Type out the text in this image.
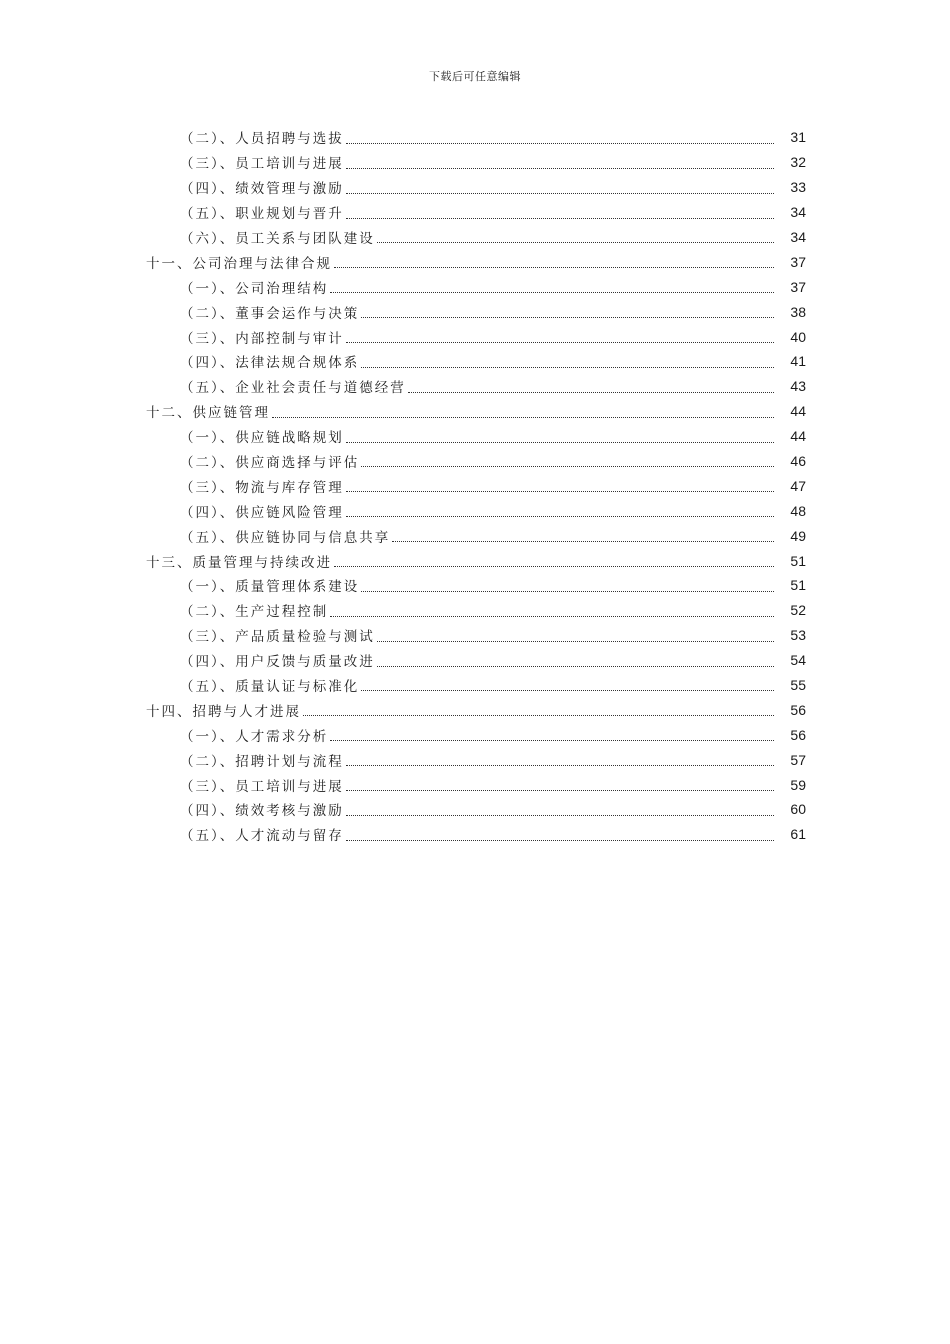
下载后可任意编辑
（二）、人员招聘与选拔	31
（三）、员工培训与进展	32
（四）、绩效管理与激励	33
（五）、职业规划与晋升	34
（六）、员工关系与团队建设	34
十一、公司治理与法律合规	37
（一）、公司治理结构	37
（二）、董事会运作与决策	38
（三）、内部控制与审计	40
（四）、法律法规合规体系	41
（五）、企业社会责任与道德经营	43
十二、供应链管理	44
（一）、供应链战略规划	44
（二）、供应商选择与评估	46
（三）、物流与库存管理	47
（四）、供应链风险管理	48
（五）、供应链协同与信息共享	49
十三、质量管理与持续改进	51
（一）、质量管理体系建设	51
（二）、生产过程控制	52
（三）、产品质量检验与测试	53
（四）、用户反馈与质量改进	54
（五）、质量认证与标准化	55
十四、招聘与人才进展	56
（一）、人才需求分析	56
（二）、招聘计划与流程	57
（三）、员工培训与进展	59
（四）、绩效考核与激励	60
（五）、人才流动与留存	61
